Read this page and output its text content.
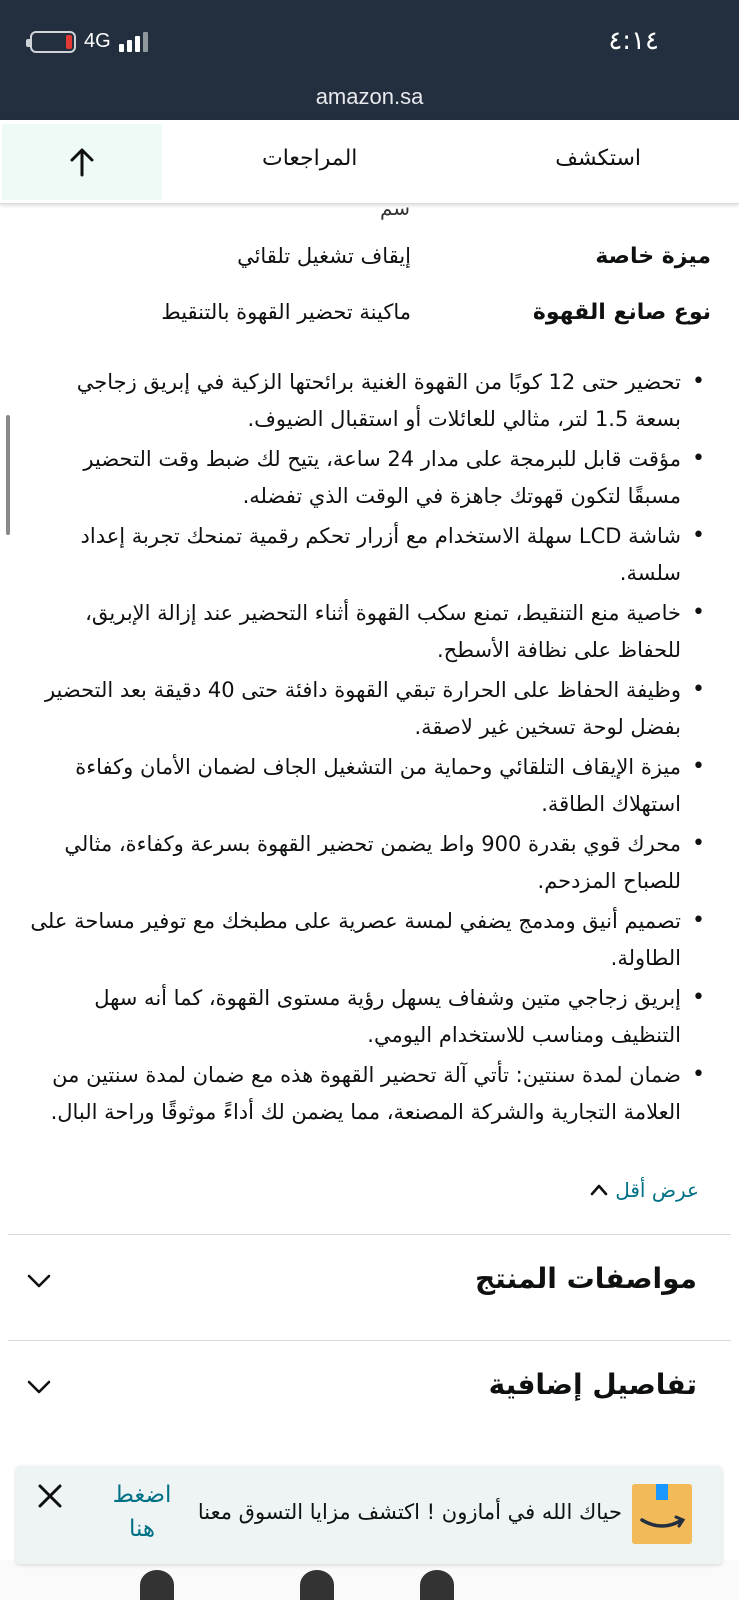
4G	٤:١٤
amazon.sa
المراجعات	استكشف
سم
ميزة خاصة
إيقاف تشغيل تلقائي
نوع صانع القهوة
ماكينة تحضير القهوة بالتنقيط
• تحضير حتى 12 كوبًا من القهوة الغنية برائحتها الزكية في إبريق زجاجي بسعة 1.5 لتر، مثالي للعائلات أو استقبال الضيوف.
• مؤقت قابل للبرمجة على مدار 24 ساعة، يتيح لك ضبط وقت التحضير مسبقًا لتكون قهوتك جاهزة في الوقت الذي تفضله.
• شاشة LCD سهلة الاستخدام مع أزرار تحكم رقمية تمنحك تجربة إعداد سلسة.
• خاصية منع التنقيط، تمنع سكب القهوة أثناء التحضير عند إزالة الإبريق، للحفاظ على نظافة الأسطح.
• وظيفة الحفاظ على الحرارة تبقي القهوة دافئة حتى 40 دقيقة بعد التحضير بفضل لوحة تسخين غير لاصقة.
• ميزة الإيقاف التلقائي وحماية من التشغيل الجاف لضمان الأمان وكفاءة استهلاك الطاقة.
• محرك قوي بقدرة 900 واط يضمن تحضير القهوة بسرعة وكفاءة، مثالي للصباح المزدحم.
• تصميم أنيق ومدمج يضفي لمسة عصرية على مطبخك مع توفير مساحة على الطاولة.
• إبريق زجاجي متين وشفاف يسهل رؤية مستوى القهوة، كما أنه سهل التنظيف ومناسب للاستخدام اليومي.
• ضمان لمدة سنتين: تأتي آلة تحضير القهوة هذه مع ضمان لمدة سنتين من العلامة التجارية والشركة المصنعة، مما يضمن لك أداءً موثوقًا وراحة البال.
عرض أقل
مواصفات المنتج
تفاصيل إضافية
اضغط
هنا
حياك الله في أمازون ! اكتشف مزايا التسوق معنا
